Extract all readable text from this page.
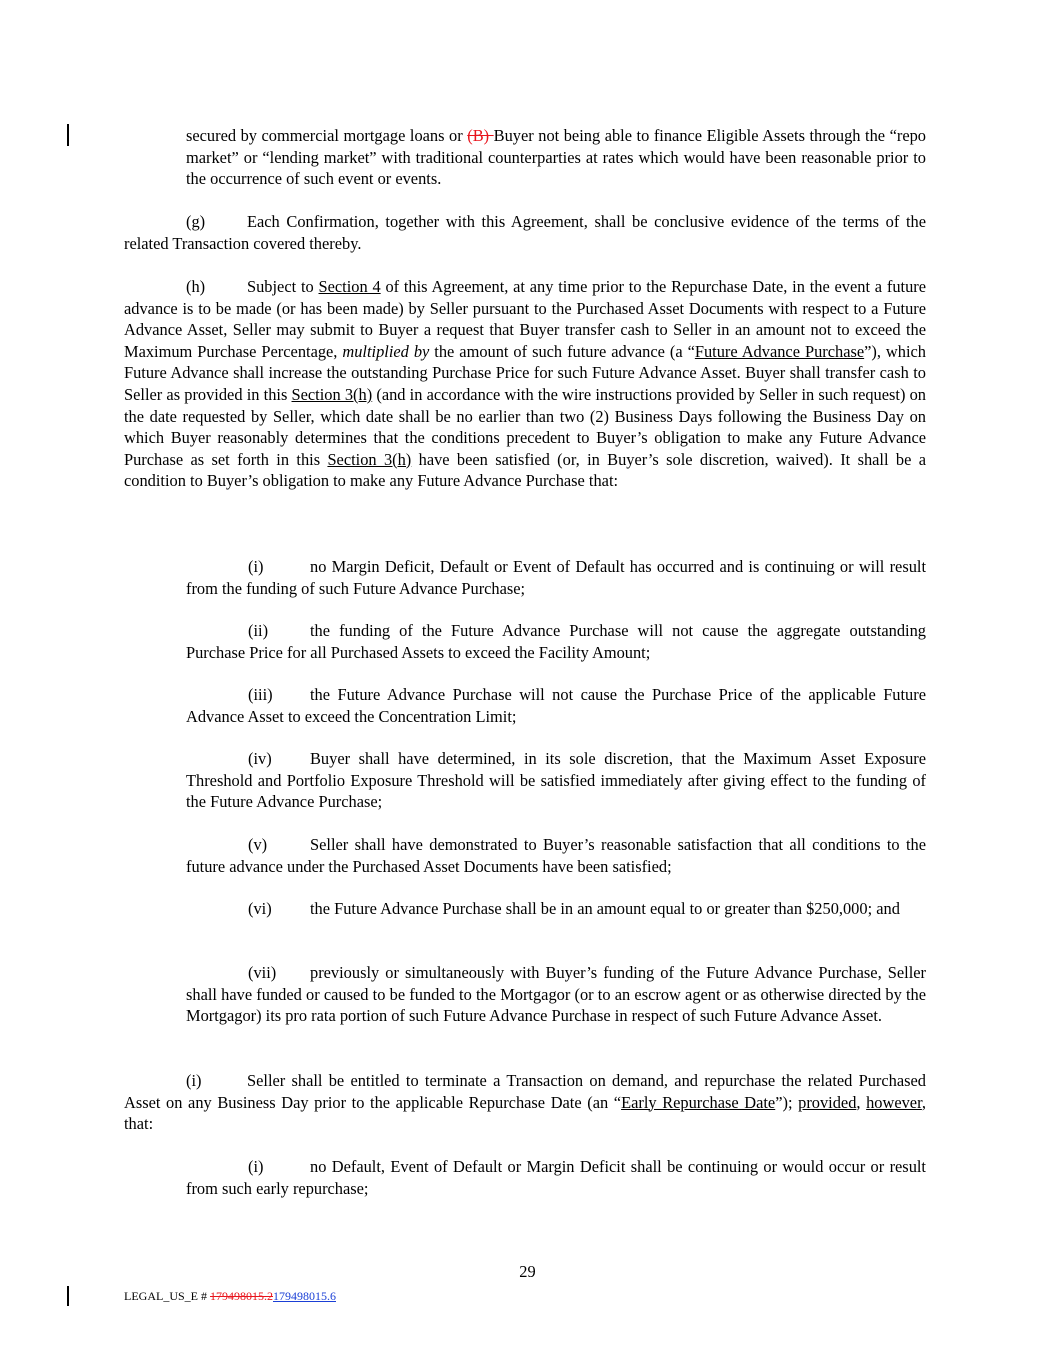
secured by commercial mortgage loans or (B) Buyer not being able to finance Eligible Assets through the “repo market” or “lending market” with traditional counterparties at rates which would have been reasonable prior to the occurrence of such event or events.
(g)	Each Confirmation, together with this Agreement, shall be conclusive evidence of the terms of the related Transaction covered thereby.
(h)	Subject to Section 4 of this Agreement, at any time prior to the Repurchase Date, in the event a future advance is to be made (or has been made) by Seller pursuant to the Purchased Asset Documents with respect to a Future Advance Asset, Seller may submit to Buyer a request that Buyer transfer cash to Seller in an amount not to exceed the Maximum Purchase Percentage, multiplied by the amount of such future advance (a “Future Advance Purchase”), which Future Advance shall increase the outstanding Purchase Price for such Future Advance Asset. Buyer shall transfer cash to Seller as provided in this Section 3(h) (and in accordance with the wire instructions provided by Seller in such request) on the date requested by Seller, which date shall be no earlier than two (2) Business Days following the Business Day on which Buyer reasonably determines that the conditions precedent to Buyer’s obligation to make any Future Advance Purchase as set forth in this Section 3(h) have been satisfied (or, in Buyer’s sole discretion, waived). It shall be a condition to Buyer’s obligation to make any Future Advance Purchase that:
(i)	no Margin Deficit, Default or Event of Default has occurred and is continuing or will result from the funding of such Future Advance Purchase;
(ii)	the funding of the Future Advance Purchase will not cause the aggregate outstanding Purchase Price for all Purchased Assets to exceed the Facility Amount;
(iii) the Future Advance Purchase will not cause the Purchase Price of the applicable Future Advance Asset to exceed the Concentration Limit;
(iv) Buyer shall have determined, in its sole discretion, that the Maximum Asset Exposure Threshold and Portfolio Exposure Threshold will be satisfied immediately after giving effect to the funding of the Future Advance Purchase;
(v)	Seller shall have demonstrated to Buyer’s reasonable satisfaction that all conditions to the future advance under the Purchased Asset Documents have been satisfied;
(vi) the Future Advance Purchase shall be in an amount equal to or greater than $250,000; and
(vii) previously or simultaneously with Buyer’s funding of the Future Advance Purchase, Seller shall have funded or caused to be funded to the Mortgagor (or to an escrow agent or as otherwise directed by the Mortgagor) its pro rata portion of such Future Advance Purchase in respect of such Future Advance Asset.
(i)	Seller shall be entitled to terminate a Transaction on demand, and repurchase the related Purchased Asset on any Business Day prior to the applicable Repurchase Date (an “Early Repurchase Date”); provided, however, that:
(i)	no Default, Event of Default or Margin Deficit shall be continuing or would occur or result from such early repurchase;
29
LEGAL_US_E # 179498015.2179498015.6
